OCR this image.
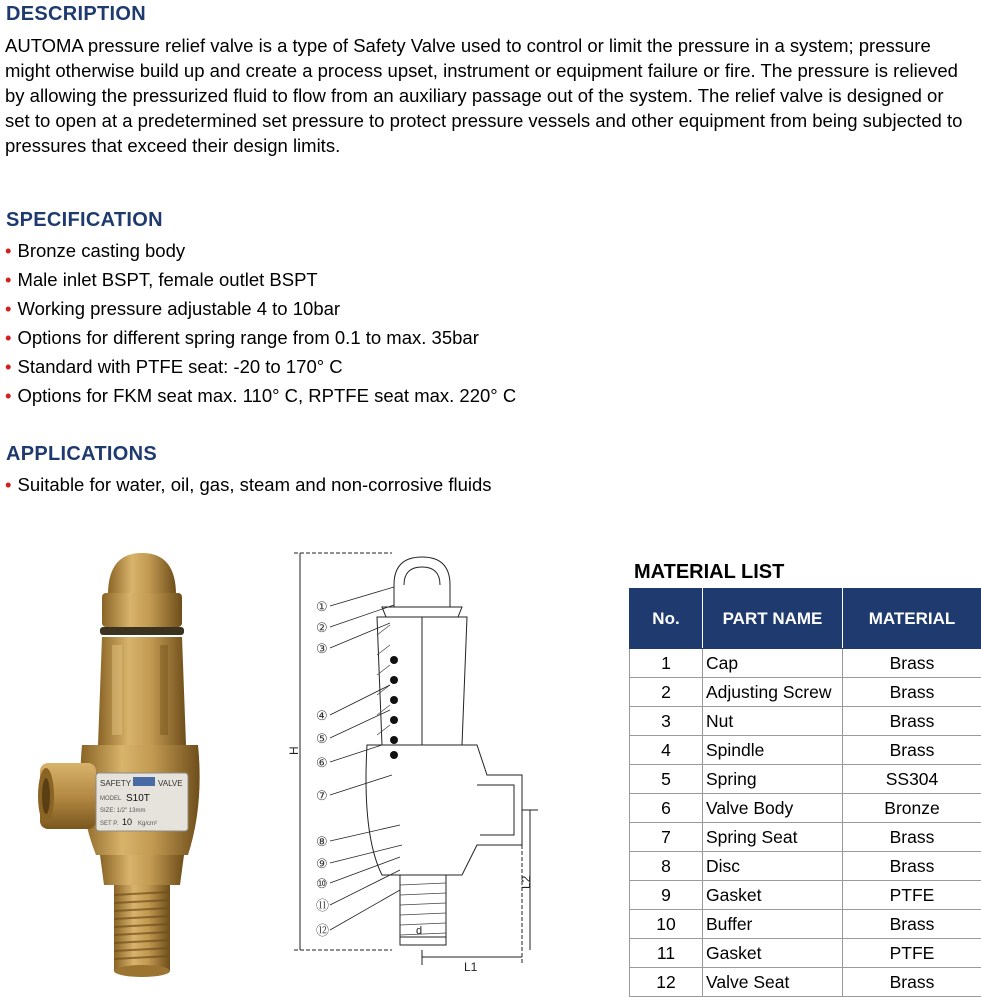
DESCRIPTION

AUTOMA pressure relief valve is a type of Safety Valve used to control or limit the pressure in a system; pressure might otherwise build up and create a process upset, instrument or equipment failure or fire. The pressure is relieved by allowing the pressurized fluid to flow from an auxiliary passage out of the system. The relief valve is designed or set to open at a predetermined set pressure to protect pressure vessels and other equipment from being subjected to pressures that exceed their design limits.

SPECIFICATION
• Bronze casting body
• Male inlet BSPT, female outlet BSPT
• Working pressure adjustable 4 to 10bar
• Options for different spring range from 0.1 to max. 35bar
• Standard with PTFE seat: -20 to 170° C
• Options for FKM seat max. 110° C, RPTFE seat max. 220° C
APPLICATIONS
• Suitable for water, oil, gas, steam and non-corrosive fluids
SAFETY	VALVE
MODEL S10T
SIZE: 1/2" 13mm
SET P. 10 Kg/cm²
①
②
③
④
⑤
⑥
⑦
⑧
⑨
⑩
⑪
⑫
H
L2
L1
d
MATERIAL LIST
No.	PART NAME	MATERIAL
1	Cap	Brass
2	Adjusting Screw	Brass
3	Nut	Brass
4	Spindle	Brass
5	Spring	SS304
6	Valve Body	Bronze
7	Spring Seat	Brass
8	Disc	Brass
9	Gasket	PTFE
10	Buffer	Brass
11	Gasket	PTFE
12	Valve Seat	Brass
